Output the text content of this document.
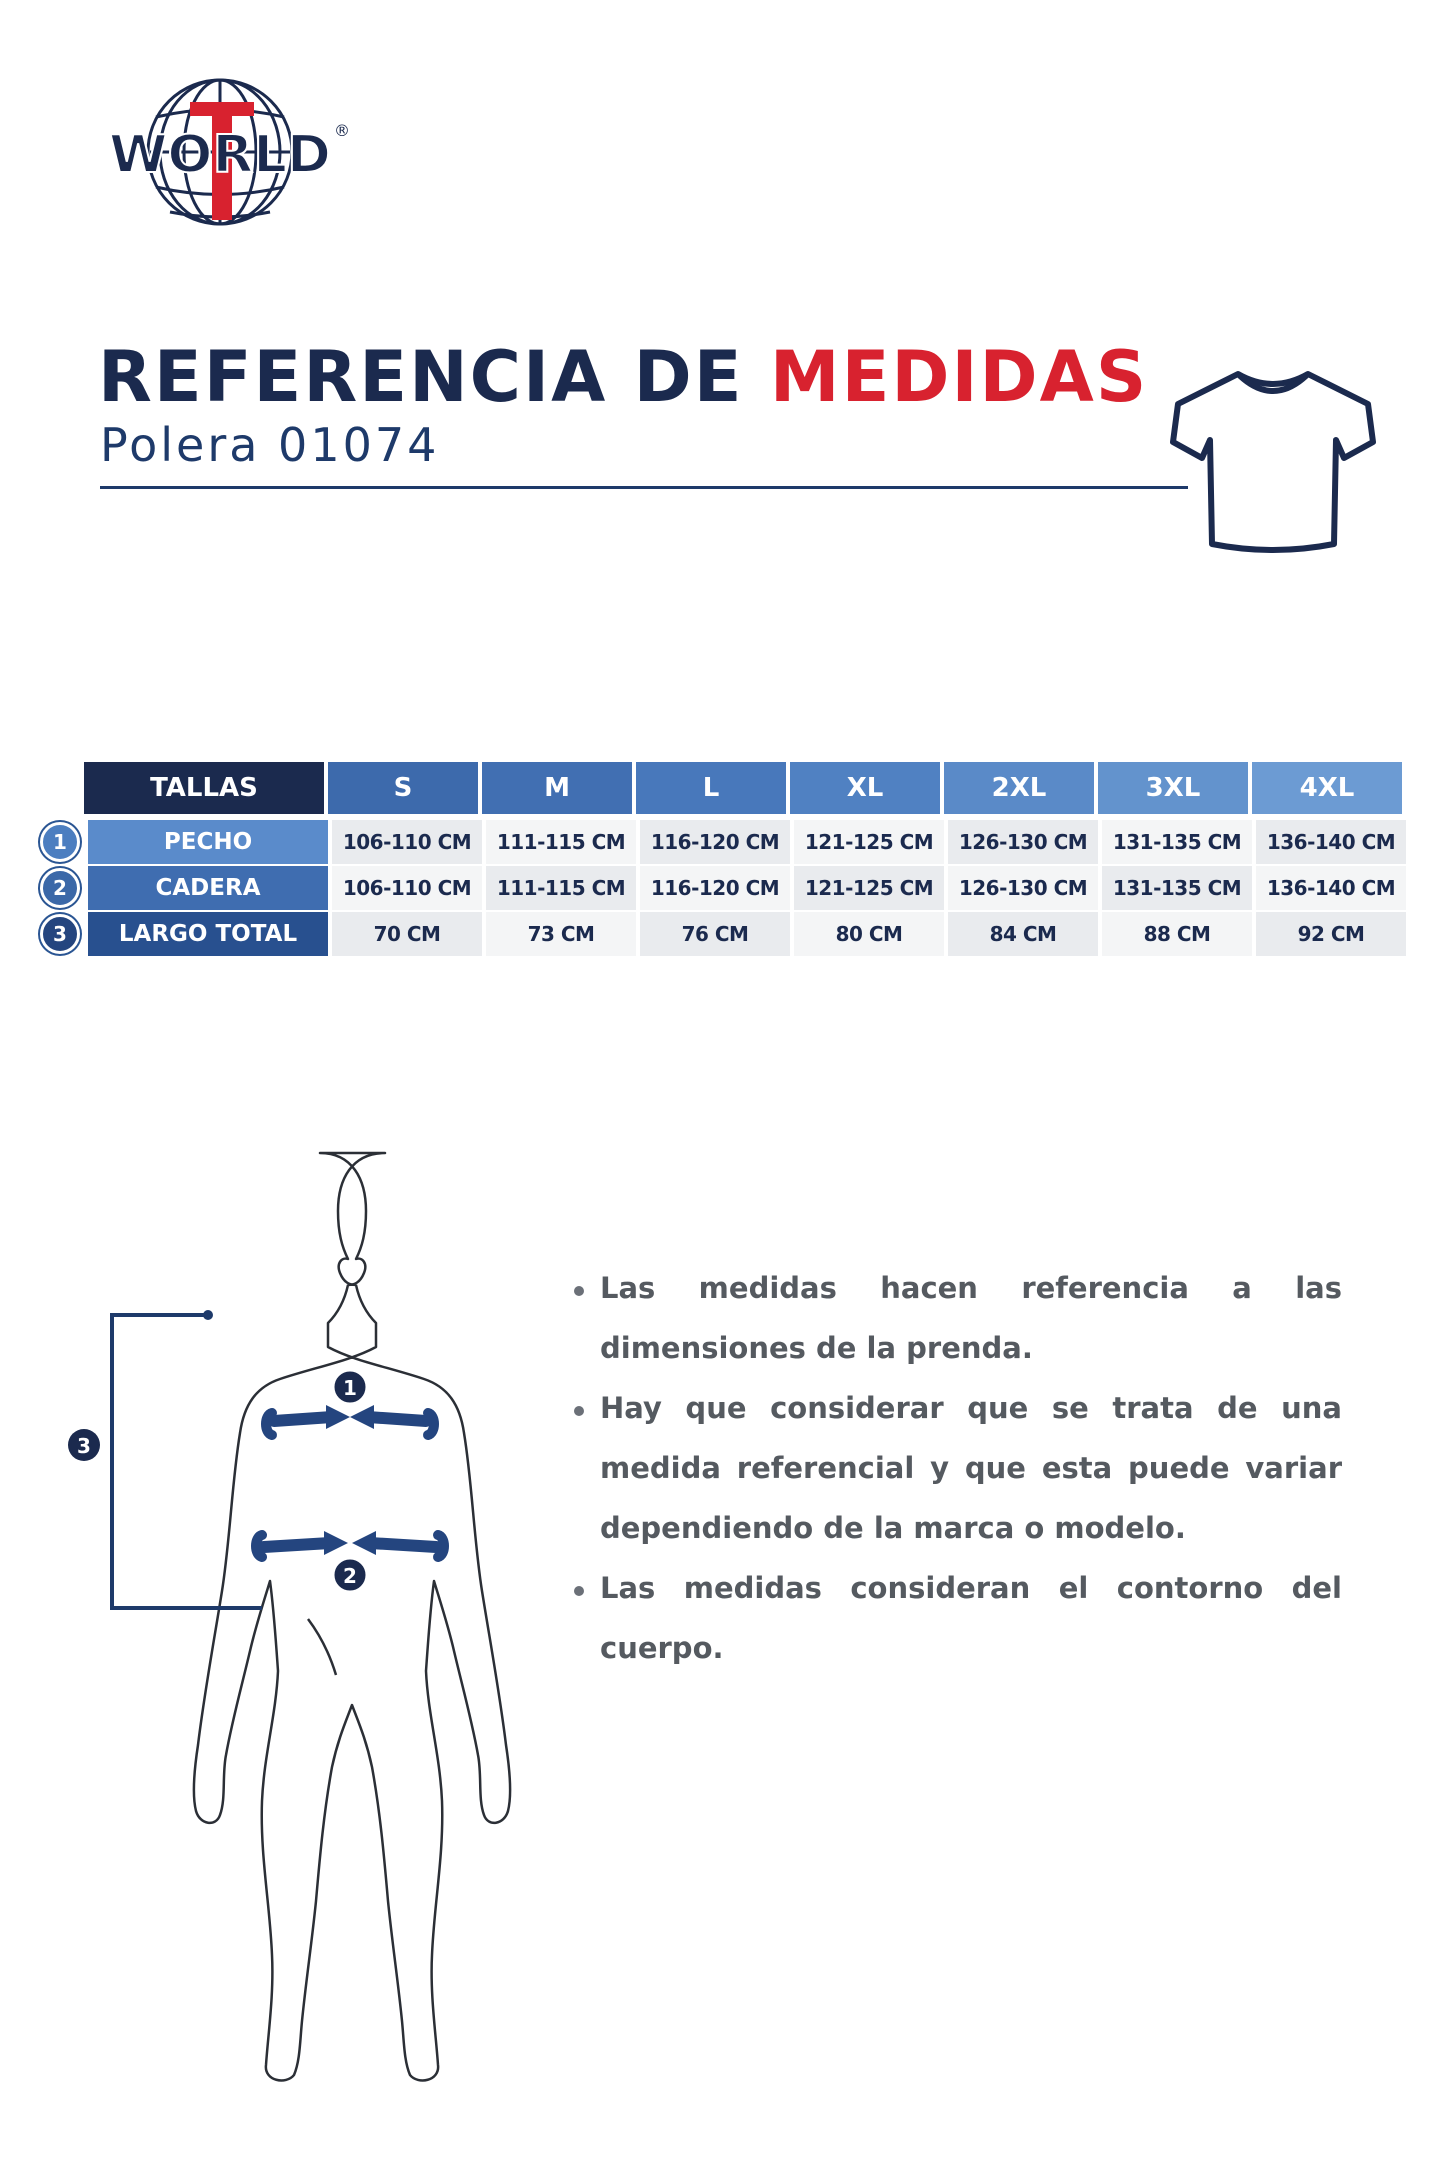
WORLD ®
REFERENCIA DE MEDIDAS
Polera 01074
TALLAS	S	M	L	XL	2XL	3XL	4XL
1	PECHO	106-110 CM	111-115 CM	116-120 CM	121-125 CM	126-130 CM	131-135 CM	136-140 CM
2	CADERA	106-110 CM	111-115 CM	116-120 CM	121-125 CM	126-130 CM	131-135 CM	136-140 CM
3	LARGO TOTAL	70 CM	73 CM	76 CM	80 CM	84 CM	88 CM	92 CM
3
1
2
Las medidas hacen referencia a las dimensiones de la prenda.
Hay que considerar que se trata de una medida referencial y que esta puede variar dependiendo de la marca o modelo.
Las medidas consideran el contorno del cuerpo.
